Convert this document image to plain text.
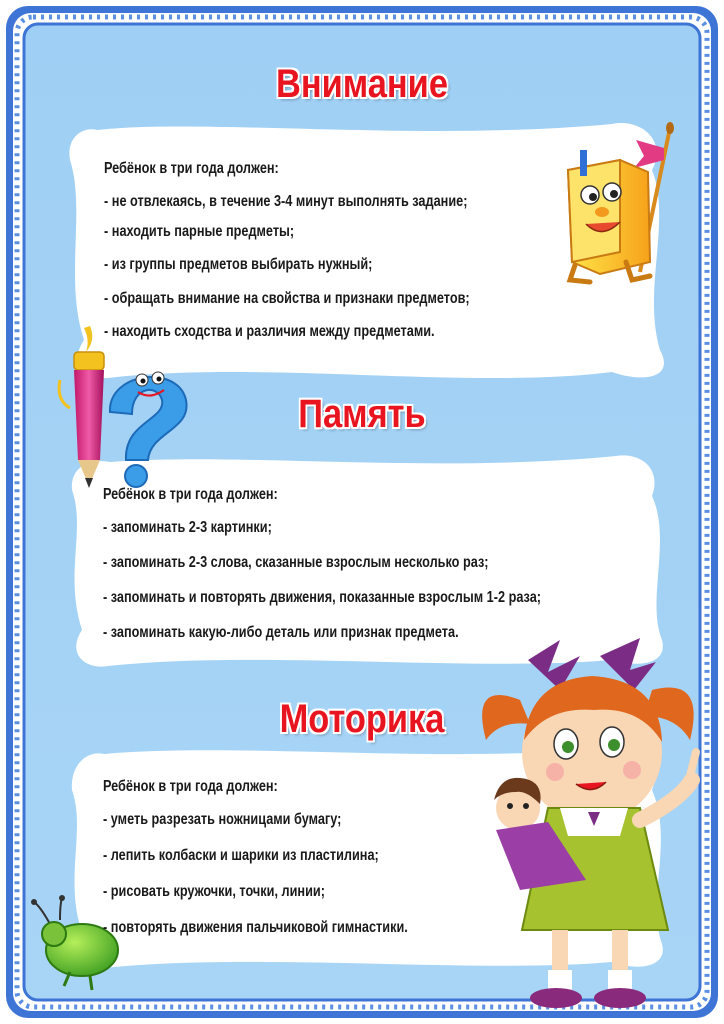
Внимание
Ребёнок в три года должен:
- не отвлекаясь, в течение 3-4 минут выполнять задание;
- находить парные предметы;
- из группы предметов выбирать нужный;
- обращать внимание на свойства и признаки предметов;
- находить сходства и различия между предметами.
Память
Ребёнок в три года должен:
- запоминать 2-3 картинки;
- запоминать 2-3 слова, сказанные взрослым несколько раз;
- запоминать и повторять движения, показанные взрослым 1-2 раза;
- запоминать какую-либо деталь или признак предмета.
Моторика
Ребёнок в три года должен:
- уметь разрезать ножницами бумагу;
- лепить колбаски и шарики из пластилина;
- рисовать кружочки, точки, линии;
- повторять движения пальчиковой гимнастики.
